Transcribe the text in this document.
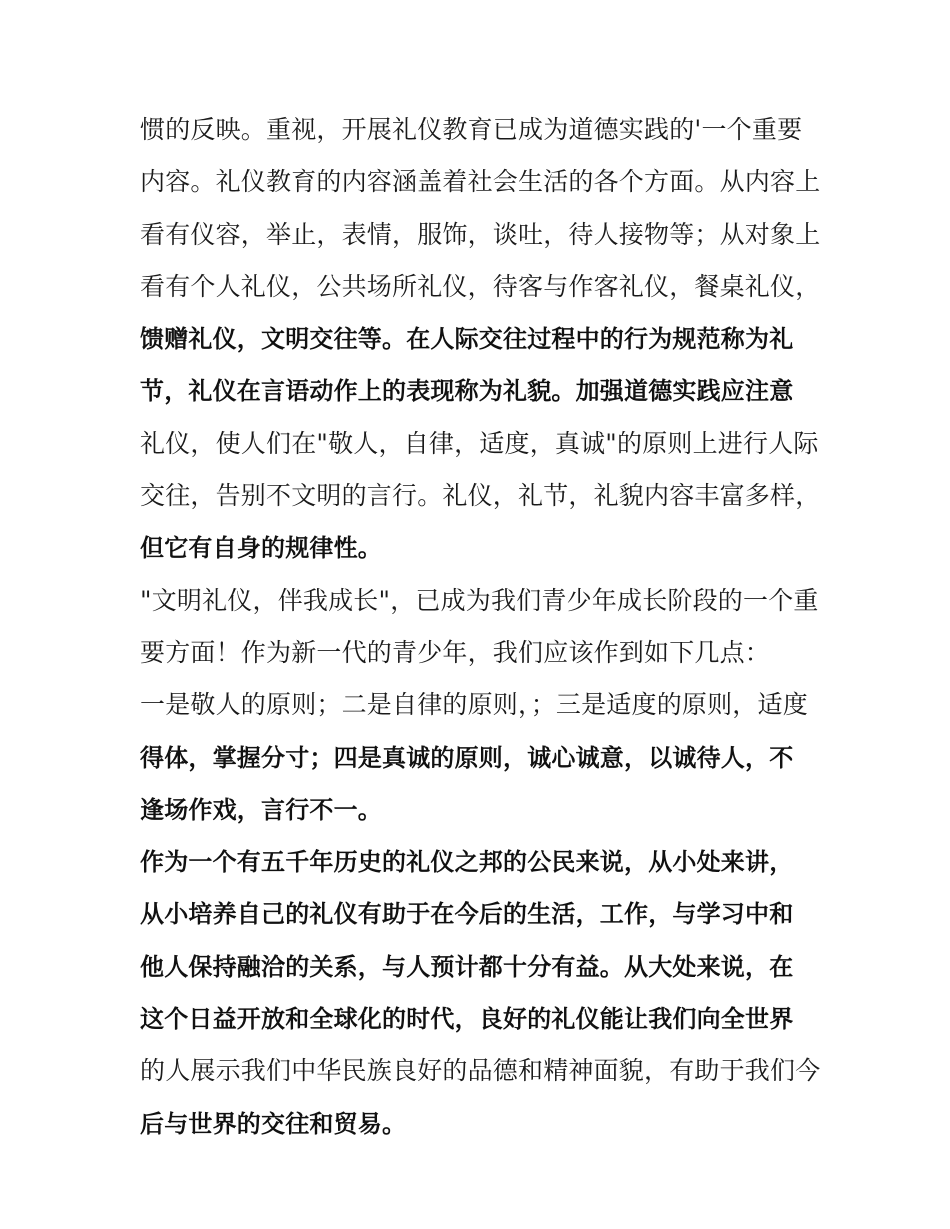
惯的反映。重视，开展礼仪教育已成为道德实践的'一个重要
内容。礼仪教育的内容涵盖着社会生活的各个方面。从内容上
看有仪容，举止，表情，服饰，谈吐，待人接物等；从对象上
看有个人礼仪，公共场所礼仪，待客与作客礼仪，餐桌礼仪，
馈赠礼仪，文明交往等。在人际交往过程中的行为规范称为礼
节，礼仪在言语动作上的表现称为礼貌。加强道德实践应注意
礼仪，使人们在"敬人，自律，适度，真诚"的原则上进行人际
交往，告别不文明的言行。礼仪，礼节，礼貌内容丰富多样，
但它有自身的规律性。
"文明礼仪，伴我成长"，已成为我们青少年成长阶段的一个重
要方面！作为新一代的青少年，我们应该作到如下几点：
一是敬人的原则；二是自律的原则，；三是适度的原则，适度
得体，掌握分寸；四是真诚的原则，诚心诚意，以诚待人，不
逢场作戏，言行不一。
作为一个有五千年历史的礼仪之邦的公民来说，从小处来讲，
从小培养自己的礼仪有助于在今后的生活，工作，与学习中和
他人保持融洽的关系，与人预计都十分有益。从大处来说，在
这个日益开放和全球化的时代，良好的礼仪能让我们向全世界
的人展示我们中华民族良好的品德和精神面貌，有助于我们今
后与世界的交往和贸易。
